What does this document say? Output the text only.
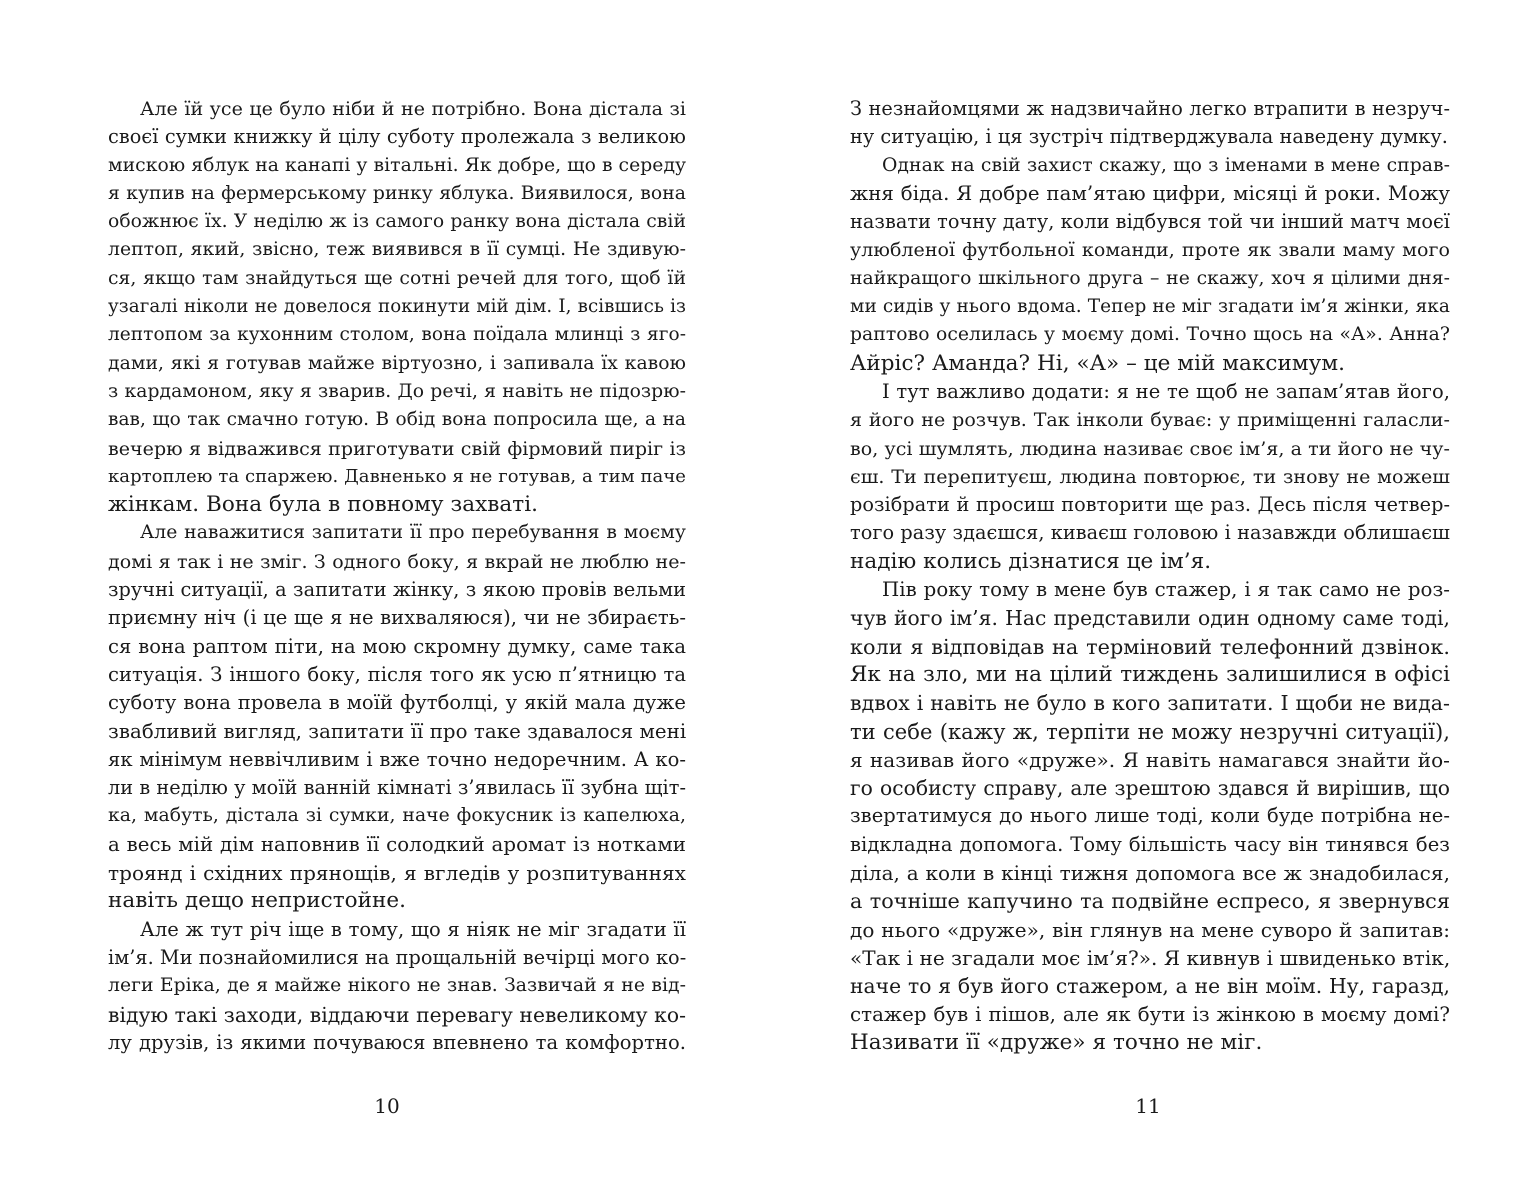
Але їй усе це було ніби й не потрібно. Вона дістала зі
своєї сумки книжку й цілу суботу пролежала з великою
мискою яблук на канапі у вітальні. Як добре, що в середу
я купив на фермерському ринку яблука. Виявилося, вона
обожнює їх. У неділю ж із самого ранку вона дістала свій
лептоп, який, звісно, теж виявився в її сумці. Не здивую-
ся, якщо там знайдуться ще сотні речей для того, щоб їй
узагалі ніколи не довелося покинути мій дім. І, всівшись із
лептопом за кухонним столом, вона поїдала млинці з яго-
дами, які я готував майже віртуозно, і запивала їх кавою
з кардамоном, яку я зварив. До речі, я навіть не підозрю-
вав, що так смачно готую. В обід вона попросила ще, а на
вечерю я відважився приготувати свій фірмовий пиріг із
картоплею та спаржею. Давненько я не готував, а тим паче
жінкам. Вона була в повному захваті.
Але наважитися запитати її про перебування в моєму
домі я так і не зміг. З одного боку, я вкрай не люблю не-
зручні ситуації, а запитати жінку, з якою провів вельми
приємну ніч (і це ще я не вихваляюся), чи не збираєть-
ся вона раптом піти, на мою скромну думку, саме така
ситуація. З іншого боку, після того як усю п’ятницю та
суботу вона провела в моїй футболці, у якій мала дуже
звабливий вигляд, запитати її про таке здавалося мені
як мінімум неввічливим і вже точно недоречним. А ко-
ли в неділю у моїй ванній кімнаті з’явилась її зубна щіт-
ка, мабуть, дістала зі сумки, наче фокусник із капелюха,
а весь мій дім наповнив її солодкий аромат із нотками
троянд і східних прянощів, я вгледів у розпитуваннях
навіть дещо непристойне.
Але ж тут річ іще в тому, що я ніяк не міг згадати її
ім’я. Ми познайомилися на прощальній вечірці мого ко-
леги Еріка, де я майже нікого не знав. Зазвичай я не від-
відую такі заходи, віддаючи перевагу невеликому ко-
лу друзів, із якими почуваюся впевнено та комфортно.
З незнайомцями ж надзвичайно легко втрапити в незруч-
ну ситуацію, і ця зустріч підтверджувала наведену думку.
Однак на свій захист скажу, що з іменами в мене справ-
жня біда. Я добре пам’ятаю цифри, місяці й роки. Можу
назвати точну дату, коли відбувся той чи інший матч моєї
улюбленої футбольної команди, проте як звали маму мого
найкращого шкільного друга – не скажу, хоч я цілими дня-
ми сидів у нього вдома. Тепер не міг згадати ім’я жінки, яка
раптово оселилась у моєму домі. Точно щось на «А». Анна?
Айріс? Аманда? Ні, «А» – це мій максимум.
І тут важливо додати: я не те щоб не запам’ятав його,
я його не розчув. Так інколи буває: у приміщенні галасли-
во, усі шумлять, людина називає своє ім’я, а ти його не чу-
єш. Ти перепитуєш, людина повторює, ти знову не можеш
розібрати й просиш повторити ще раз. Десь після четвер-
того разу здаєшся, киваєш головою і назавжди облишаєш
надію колись дізнатися це ім’я.
Пів року тому в мене був стажер, і я так само не роз-
чув його ім’я. Нас представили один одному саме тоді,
коли я відповідав на терміновий телефонний дзвінок.
Як на зло, ми на цілий тиждень залишилися в офісі
вдвох і навіть не було в кого запитати. І щоби не вида-
ти себе (кажу ж, терпіти не можу незручні ситуації),
я називав його «друже». Я навіть намагався знайти йо-
го особисту справу, але зрештою здався й вирішив, що
звертатимуся до нього лише тоді, коли буде потрібна не-
відкладна допомога. Тому більшість часу він тинявся без
діла, а коли в кінці тижня допомога все ж знадобилася,
а точніше капучино та подвійне еспресо, я звернувся
до нього «друже», він глянув на мене суворо й запитав:
«Так і не згадали моє ім’я?». Я кивнув і швиденько втік,
наче то я був його стажером, а не він моїм. Ну, гаразд,
стажер був і пішов, але як бути із жінкою в моєму домі?
Називати її «друже» я точно не міг.
10	11
